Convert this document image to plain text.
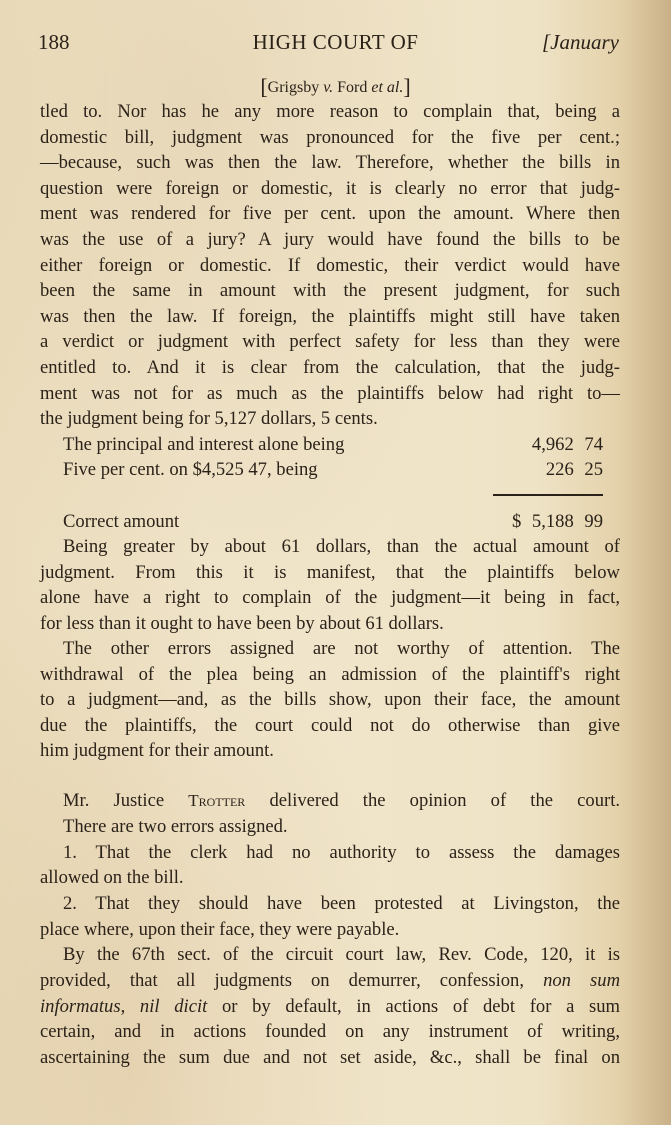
188	HIGH COURT OF	[January
[Grigsby v. Ford et al.]
tled to. Nor has he any more reason to complain that, being a
domestic bill, judgment was pronounced for the five per cent.;
—because, such was then the law. Therefore, whether the bills in
question were foreign or domestic, it is clearly no error that judg-
ment was rendered for five per cent. upon the amount. Where then
was the use of a jury? A jury would have found the bills to be
either foreign or domestic. If domestic, their verdict would have
been the same in amount with the present judgment, for such
was then the law. If foreign, the plaintiffs might still have taken
a verdict or judgment with perfect safety for less than they were
entitled to. And it is clear from the calculation, that the judg-
ment was not for as much as the plaintiffs below had right to—
the judgment being for 5,127 dollars, 5 cents.
Being greater by about 61 dollars, than the actual amount of
judgment. From this it is manifest, that the plaintiffs below
alone have a right to complain of the judgment—it being in fact,
for less than it ought to have been by about 61 dollars.
The other errors assigned are not worthy of attention. The
withdrawal of the plea being an admission of the plaintiff's right
to a judgment—and, as the bills show, upon their face, the amount
due the plaintiffs, the court could not do otherwise than give
him judgment for their amount.
The principal and interest alone being	4,962 74
Five per cent. on $4,525 47, being	226 25
Correct amount	$ 5,188 99
Mr. Justice Trotter delivered the opinion of the court.
There are two errors assigned.
1. That the clerk had no authority to assess the damages
allowed on the bill.
2. That they should have been protested at Livingston, the
place where, upon their face, they were payable.
By the 67th sect. of the circuit court law, Rev. Code, 120, it is
provided, that all judgments on demurrer, confession, non sum
informatus, nil dicit or by default, in actions of debt for a sum
certain, and in actions founded on any instrument of writing,
ascertaining the sum due and not set aside, &c., shall be final on
